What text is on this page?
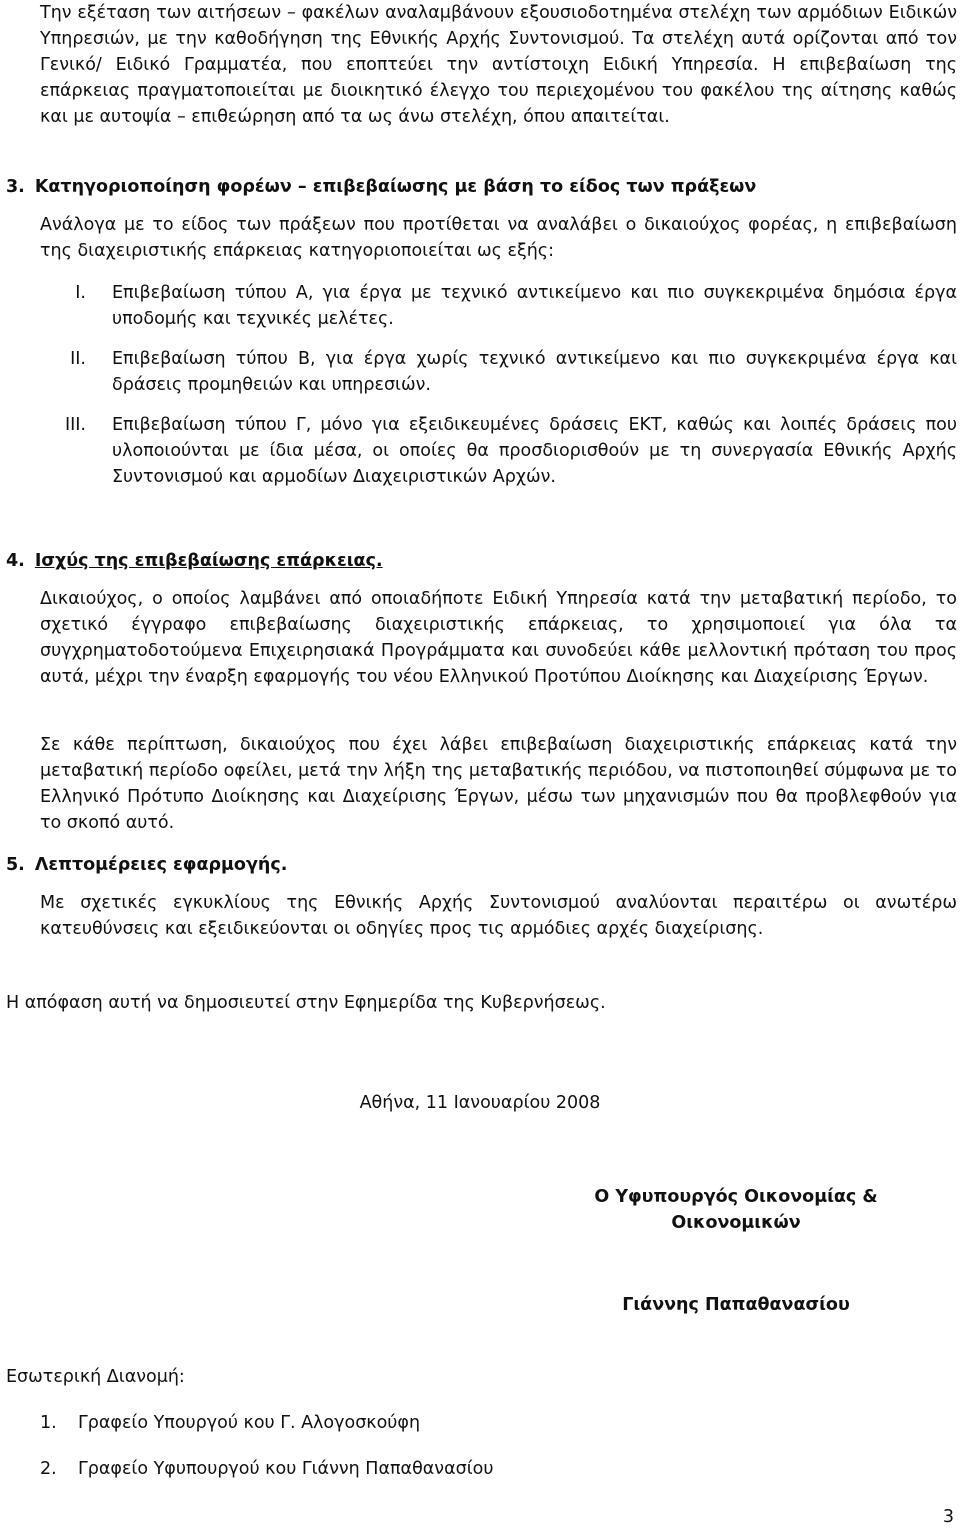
Την εξέταση των αιτήσεων – φακέλων αναλαμβάνουν εξουσιοδοτημένα στελέχη των αρμόδιων Ειδικών Υπηρεσιών, με την καθοδήγηση της Εθνικής Αρχής Συντονισμού. Τα στελέχη αυτά ορίζονται από τον Γενικό/ Ειδικό Γραμματέα, που εποπτεύει την αντίστοιχη Ειδική Υπηρεσία. Η επιβεβαίωση της επάρκειας πραγματοποιείται με διοικητικό έλεγχο του περιεχομένου του φακέλου της αίτησης καθώς και με αυτοψία – επιθεώρηση από τα ως άνω στελέχη, όπου απαιτείται.

3. Κατηγοριοποίηση φορέων – επιβεβαίωσης με βάση το είδος των πράξεων

Ανάλογα με το είδος των πράξεων που προτίθεται να αναλάβει ο δικαιούχος φορέας, η επιβεβαίωση της διαχειριστικής επάρκειας κατηγοριοποιείται ως εξής:

I. Επιβεβαίωση τύπου Α, για έργα με τεχνικό αντικείμενο και πιο συγκεκριμένα δημόσια έργα υποδομής και τεχνικές μελέτες.
II. Επιβεβαίωση τύπου Β, για έργα χωρίς τεχνικό αντικείμενο και πιο συγκεκριμένα έργα και δράσεις προμηθειών και υπηρεσιών.
III. Επιβεβαίωση τύπου Γ, μόνο για εξειδικευμένες δράσεις ΕΚΤ, καθώς και λοιπές δράσεις που υλοποιούνται με ίδια μέσα, οι οποίες θα προσδιορισθούν με τη συνεργασία Εθνικής Αρχής Συντονισμού και αρμοδίων Διαχειριστικών Αρχών.
4. Ισχύς της επιβεβαίωσης επάρκειας.

Δικαιούχος, ο οποίος λαμβάνει από οποιαδήποτε Ειδική Υπηρεσία κατά την μεταβατική περίοδο, το σχετικό έγγραφο επιβεβαίωσης διαχειριστικής επάρκειας, το χρησιμοποιεί για όλα τα συγχρηματοδοτούμενα Επιχειρησιακά Προγράμματα και συνοδεύει κάθε μελλοντική πρόταση του προς αυτά, μέχρι την έναρξη εφαρμογής του νέου Ελληνικού Προτύπου Διοίκησης και Διαχείρισης Έργων.

Σε κάθε περίπτωση, δικαιούχος που έχει λάβει επιβεβαίωση διαχειριστικής επάρκειας κατά την μεταβατική περίοδο οφείλει, μετά την λήξη της μεταβατικής περιόδου, να πιστοποιηθεί σύμφωνα με το Ελληνικό Πρότυπο Διοίκησης και Διαχείρισης Έργων, μέσω των μηχανισμών που θα προβλεφθούν για το σκοπό αυτό.

5. Λεπτομέρειες εφαρμογής.

Με σχετικές εγκυκλίους της Εθνικής Αρχής Συντονισμού αναλύονται περαιτέρω οι ανωτέρω κατευθύνσεις και εξειδικεύονται οι οδηγίες προς τις αρμόδιες αρχές διαχείρισης.

Η απόφαση αυτή να δημοσιευτεί στην Εφημερίδα της Κυβερνήσεως.

Αθήνα, 11 Ιανουαρίου 2008

Ο Υφυπουργός Οικονομίας &
Οικονομικών

Γιάννης Παπαθανασίου

Εσωτερική Διανομή:

1. Γραφείο Υπουργού κου Γ. Αλογοσκούφη
2. Γραφείο Υφυπουργού κου Γιάννη Παπαθανασίου

3
